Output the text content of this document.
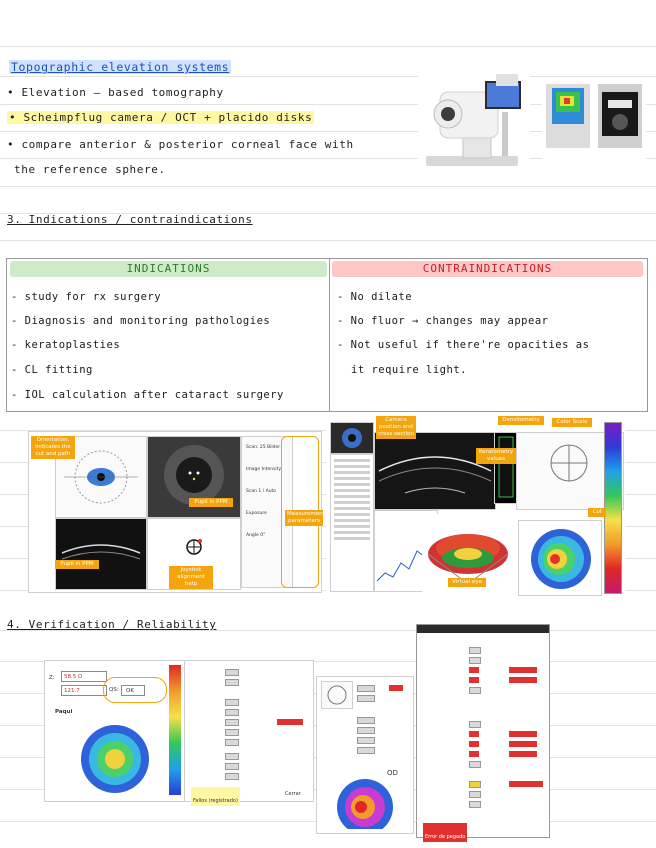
Topographic elevation systems
• Elevation – based tomography
• Scheimpflug camera / OCT + placido disks
• compare anterior & posterior corneal face with
the reference sphere.
3. Indications / contraindications
INDICATIONS	CONTRAINDICATIONS
- study for rx surgery
- Diagnosis and monitoring pathologies
- keratoplasties
- CL fitting
- IOL calculation after cataract surgery
- No dilate
- No fluor → changes may appear
- Not useful if there're opacities as
it require light.
Scan: 25 Bilder
Image Intensity
Scan 1 / Auto
Exposure
Angle 0°
Orientation, indicates the cut and path
Pupil in PPM
Pupil in PPM
Joystick alignment help
Measurement parameters
Camera position and cross section
Densitometry	Color Scale
Keratometry values
Virtual eye
Col
4. Verification / Reliability
Z: 58.5 D
121.7	QS: OK
Paqui
Fallos (registrado)
Cerrar
OD
Error de pegado
